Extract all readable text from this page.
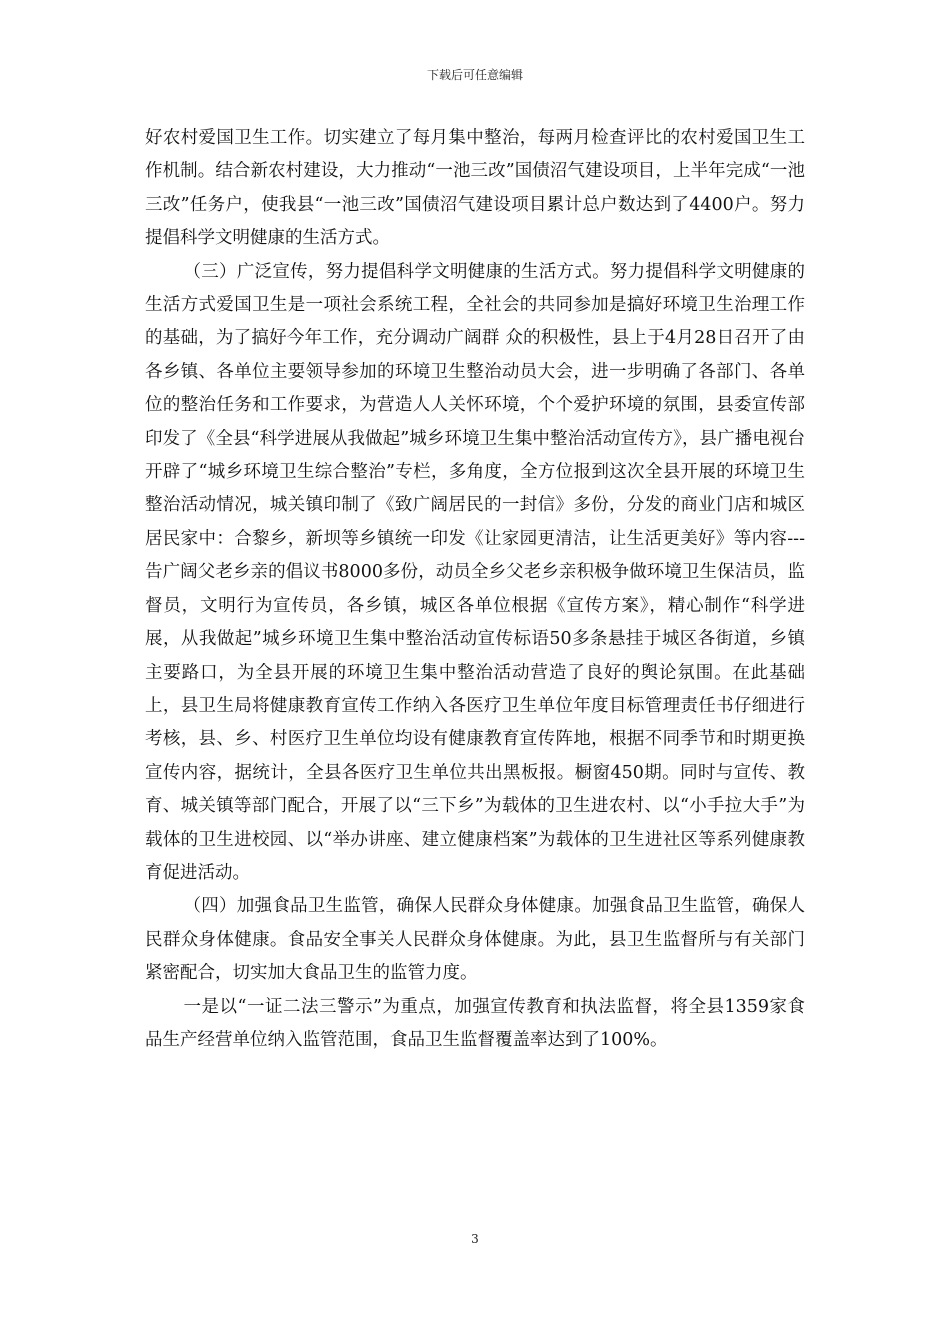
下载后可任意编辑

好农村爱国卫生工作。切实建立了每月集中整治，每两月检查评比的农村爱国卫生工作机制。结合新农村建设，大力推动“一池三改”国债沼气建设项目，上半年完成“一池三改”任务户，使我县“一池三改”国债沼气建设项目累计总户数达到了4400户。努力提倡科学文明健康的生活方式。

（三）广泛宣传，努力提倡科学文明健康的生活方式。努力提倡科学文明健康的生活方式爱国卫生是一项社会系统工程，全社会的共同参加是搞好环境卫生治理工作的基础，为了搞好今年工作，充分调动广阔群 众的积极性，县上于4月28日召开了由各乡镇、各单位主要领导参加的环境卫生整治动员大会，进一步明确了各部门、各单位的整治任务和工作要求，为营造人人关怀环境，个个爱护环境的氛围，县委宣传部印发了《全县“科学进展从我做起”城乡环境卫生集中整治活动宣传方》，县广播电视台开辟了“城乡环境卫生综合整治”专栏，多角度，全方位报到这次全县开展的环境卫生整治活动情况，城关镇印制了《致广阔居民的一封信》多份，分发的商业门店和城区居民家中：合黎乡，新坝等乡镇统一印发《让家园更清洁，让生活更美好》等内容---告广阔父老乡亲的倡议书8000多份，动员全乡父老乡亲积极争做环境卫生保洁员，监督员，文明行为宣传员，各乡镇，城区各单位根据《宣传方案》，精心制作“科学进展，从我做起”城乡环境卫生集中整治活动宣传标语50多条悬挂于城区各街道，乡镇主要路口，为全县开展的环境卫生集中整治活动营造了良好的舆论氛围。在此基础上，县卫生局将健康教育宣传工作纳入各医疗卫生单位年度目标管理责任书仔细进行考核，县、乡、村医疗卫生单位均设有健康教育宣传阵地，根据不同季节和时期更换宣传内容，据统计，全县各医疗卫生单位共出黑板报。橱窗450期。同时与宣传、教育、城关镇等部门配合，开展了以“三下乡”为载体的卫生进农村、以“小手拉大手”为载体的卫生进校园、以“举办讲座、建立健康档案”为载体的卫生进社区等系列健康教育促进活动。

（四）加强食品卫生监管，确保人民群众身体健康。加强食品卫生监管，确保人民群众身体健康。食品安全事关人民群众身体健康。为此，县卫生监督所与有关部门紧密配合，切实加大食品卫生的监管力度。

一是以“一证二法三警示”为重点，加强宣传教育和执法监督，将全县1359家食品生产经营单位纳入监管范围，食品卫生监督覆盖率达到了100%。

3
